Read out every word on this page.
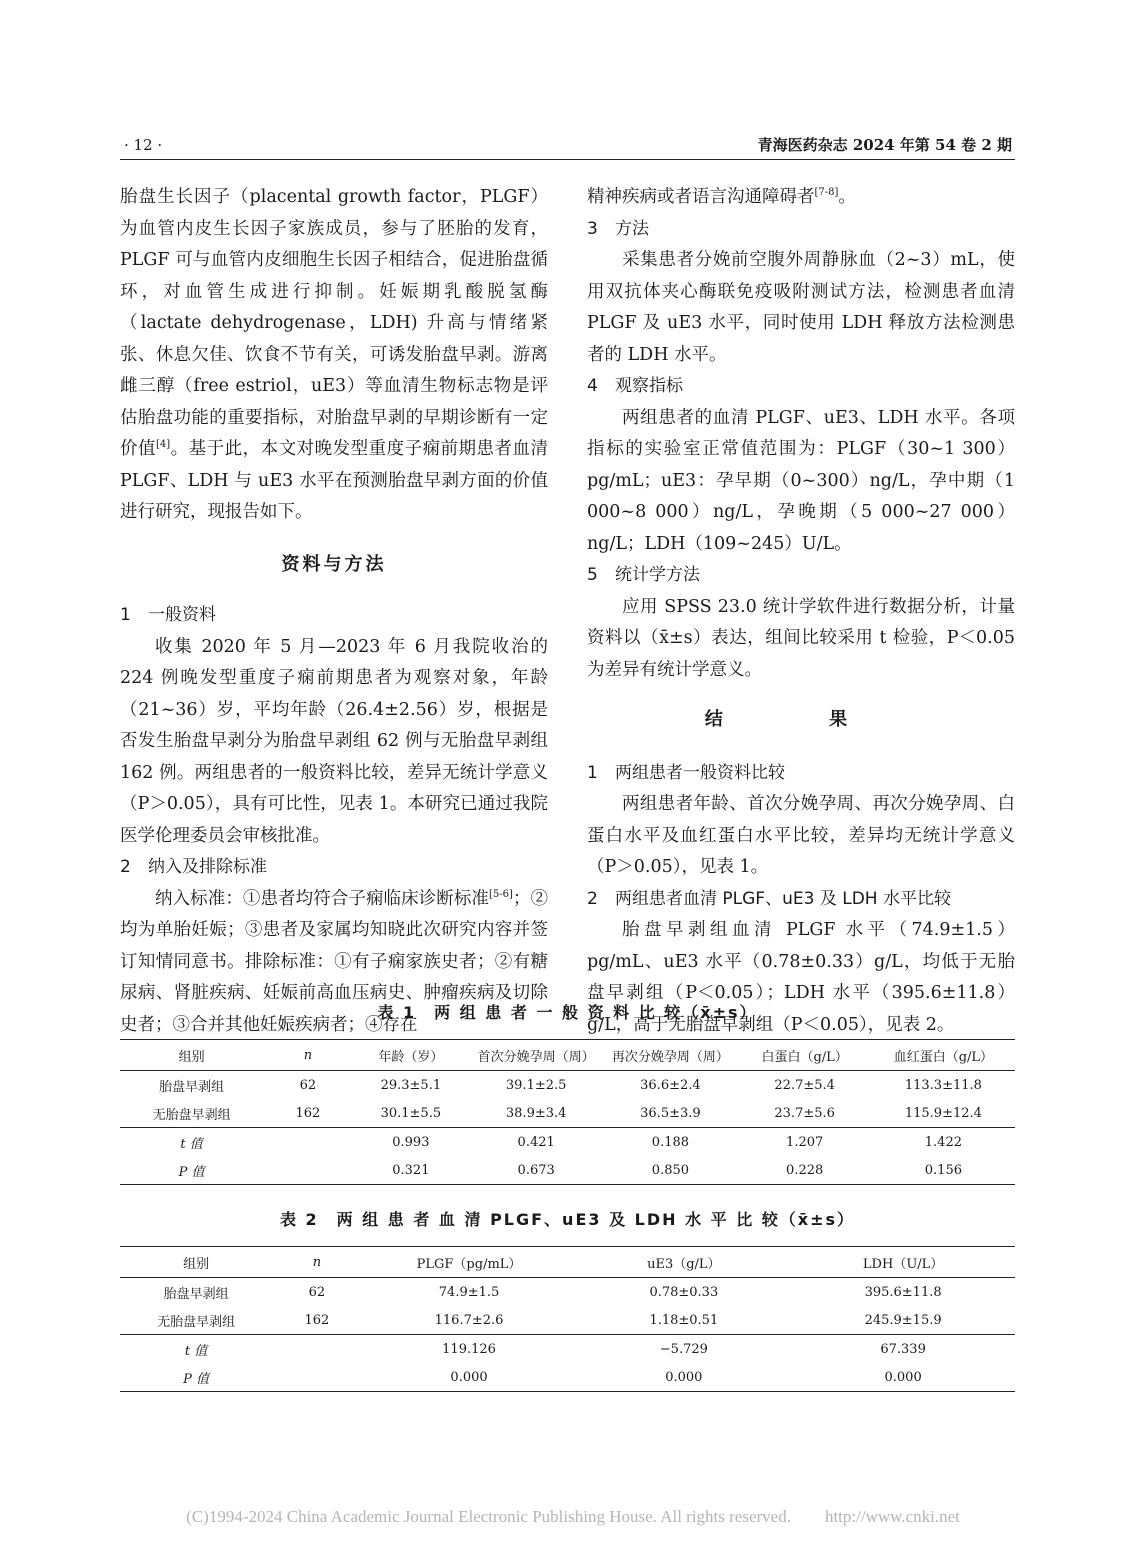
· 12 ·	青海医药杂志 2024 年第 54 卷 2 期

胎盘生长因子（placental growth factor，PLGF）为血管内皮生长因子家族成员，参与了胚胎的发育，PLGF 可与血管内皮细胞生长因子相结合，促进胎盘循环，对血管生成进行抑制。妊娠期乳酸脱氢酶（lactate dehydrogenase，LDH) 升高与情绪紧张、休息欠佳、饮食不节有关，可诱发胎盘早剥。游离雌三醇（free estriol，uE3）等血清生物标志物是评估胎盘功能的重要指标，对胎盘早剥的早期诊断有一定价值[4]。基于此，本文对晚发型重度子痫前期患者血清 PLGF、LDH 与 uE3 水平在预测胎盘早剥方面的价值进行研究，现报告如下。

资料与方法

1 一般资料

收集 2020 年 5 月—2023 年 6 月我院收治的 224 例晚发型重度子痫前期患者为观察对象，年龄（21~36）岁，平均年龄（26.4±2.56）岁，根据是否发生胎盘早剥分为胎盘早剥组 62 例与无胎盘早剥组 162 例。两组患者的一般资料比较，差异无统计学意义（P＞0.05），具有可比性，见表 1。本研究已通过我院医学伦理委员会审核批准。

2 纳入及排除标准

纳入标准：①患者均符合子痫临床诊断标准[5-6]；②均为单胎妊娠；③患者及家属均知晓此次研究内容并签订知情同意书。排除标准：①有子痫家族史者；②有糖尿病、肾脏疾病、妊娠前高血压病史、肿瘤疾病及切除史者；③合并其他妊娠疾病者；④存在

精神疾病或者语言沟通障碍者[7-8]。

3 方法

采集患者分娩前空腹外周静脉血（2~3）mL，使用双抗体夹心酶联免疫吸附测试方法，检测患者血清 PLGF 及 uE3 水平，同时使用 LDH 释放方法检测患者的 LDH 水平。

4 观察指标

两组患者的血清 PLGF、uE3、LDH 水平。各项指标的实验室正常值范围为：PLGF（30~1 300）pg/mL；uE3：孕早期（0~300）ng/L，孕中期（1 000~8 000）ng/L，孕晚期（5 000~27 000）ng/L；LDH（109~245）U/L。

5 统计学方法

应用 SPSS 23.0 统计学软件进行数据分析，计量资料以（x̄±s）表达，组间比较采用 t 检验，P＜0.05 为差异有统计学意义。

结 果

1 两组患者一般资料比较

两组患者年龄、首次分娩孕周、再次分娩孕周、白蛋白水平及血红蛋白水平比较，差异均无统计学意义（P＞0.05），见表 1。

2 两组患者血清 PLGF、uE3 及 LDH 水平比较

胎盘早剥组血清 PLGF 水平（74.9±1.5）pg/mL、uE3 水平（0.78±0.33）g/L，均低于无胎盘早剥组（P＜0.05）；LDH 水平（395.6±11.8）g/L，高于无胎盘早剥组（P＜0.05），见表 2。

表 1　两 组 患 者 一 般 资 料 比 较（x̄±s）
组别	n	年龄（岁）	首次分娩孕周（周）	再次分娩孕周（周）	白蛋白（g/L）	血红蛋白（g/L）
胎盘早剥组	62	29.3±5.1	39.1±2.5	36.6±2.4	22.7±5.4	113.3±11.8
无胎盘早剥组	162	30.1±5.5	38.9±3.4	36.5±3.9	23.7±5.6	115.9±12.4
t 值		0.993	0.421	0.188	1.207	1.422
P 值		0.321	0.673	0.850	0.228	0.156
表 2　两 组 患 者 血 清 PLGF、uE3 及 LDH 水 平 比 较（x̄±s）
组别	n	PLGF（pg/mL）	uE3（g/L）	LDH（U/L）
胎盘早剥组	62	74.9±1.5	0.78±0.33	395.6±11.8
无胎盘早剥组	162	116.7±2.6	1.18±0.51	245.9±15.9
t 值		119.126	−5.729	67.339
P 值		0.000	0.000	0.000
(C)1994-2024 China Academic Journal Electronic Publishing House. All rights reserved.　　http://www.cnki.net
